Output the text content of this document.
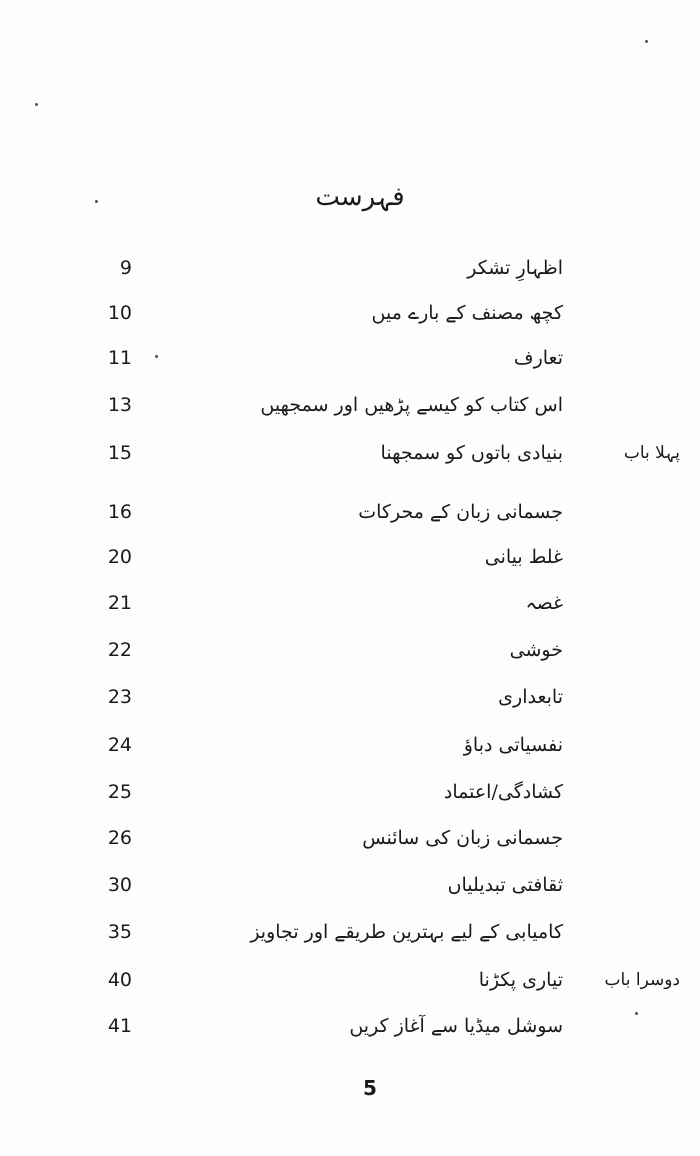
فہرست
9	اظہارِ تشکر
10	کچھ مصنف کے بارے میں
11	تعارف
13	اس کتاب کو کیسے پڑھیں اور سمجھیں
15	بنیادی باتوں کو سمجھنا	پہلا باب
16	جسمانی زبان کے محرکات
20	غلط بیانی
21	غصہ
22	خوشی
23	تابعداری
24	نفسیاتی دباؤ
25	کشادگی/اعتماد
26	جسمانی زبان کی سائنس
30	ثقافتی تبدیلیاں
35	کامیابی کے لیے بہترین طریقے اور تجاویز
40	تیاری پکڑنا	دوسرا باب
41	سوشل میڈیا سے آغاز کریں
5
